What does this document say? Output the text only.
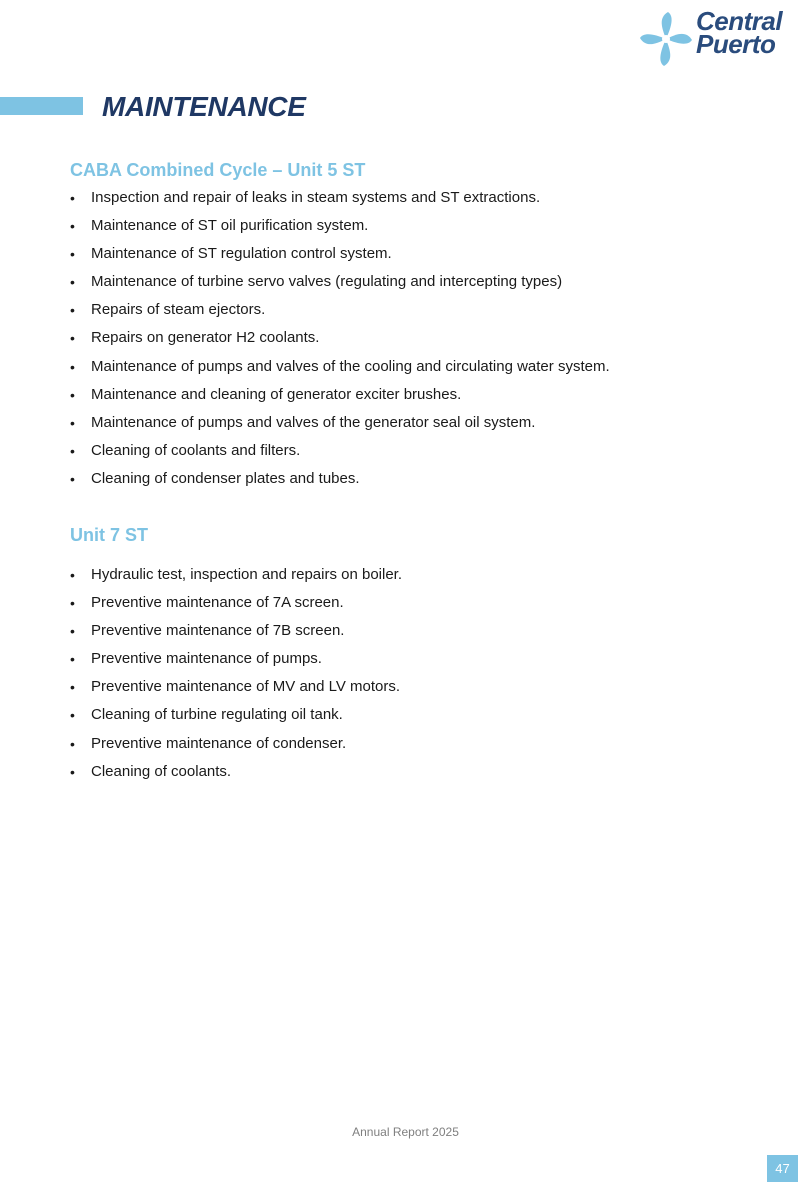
Central
Puerto
MAINTENANCE
CABA Combined Cycle – Unit 5 ST
• Inspection and repair of leaks in steam systems and ST extractions.
• Maintenance of ST oil purification system.
• Maintenance of ST regulation control system.
• Maintenance of turbine servo valves (regulating and intercepting types)
• Repairs of steam ejectors.
• Repairs on generator H2 coolants.
• Maintenance of pumps and valves of the cooling and circulating water system.
• Maintenance and cleaning of generator exciter brushes.
• Maintenance of pumps and valves of the generator seal oil system.
• Cleaning of coolants and filters.
• Cleaning of condenser plates and tubes.
Unit 7 ST
• Hydraulic test, inspection and repairs on boiler.
• Preventive maintenance of 7A screen.
• Preventive maintenance of 7B screen.
• Preventive maintenance of pumps.
• Preventive maintenance of MV and LV motors.
• Cleaning of turbine regulating oil tank.
• Preventive maintenance of condenser.
• Cleaning of coolants.
Annual Report 2025
47
